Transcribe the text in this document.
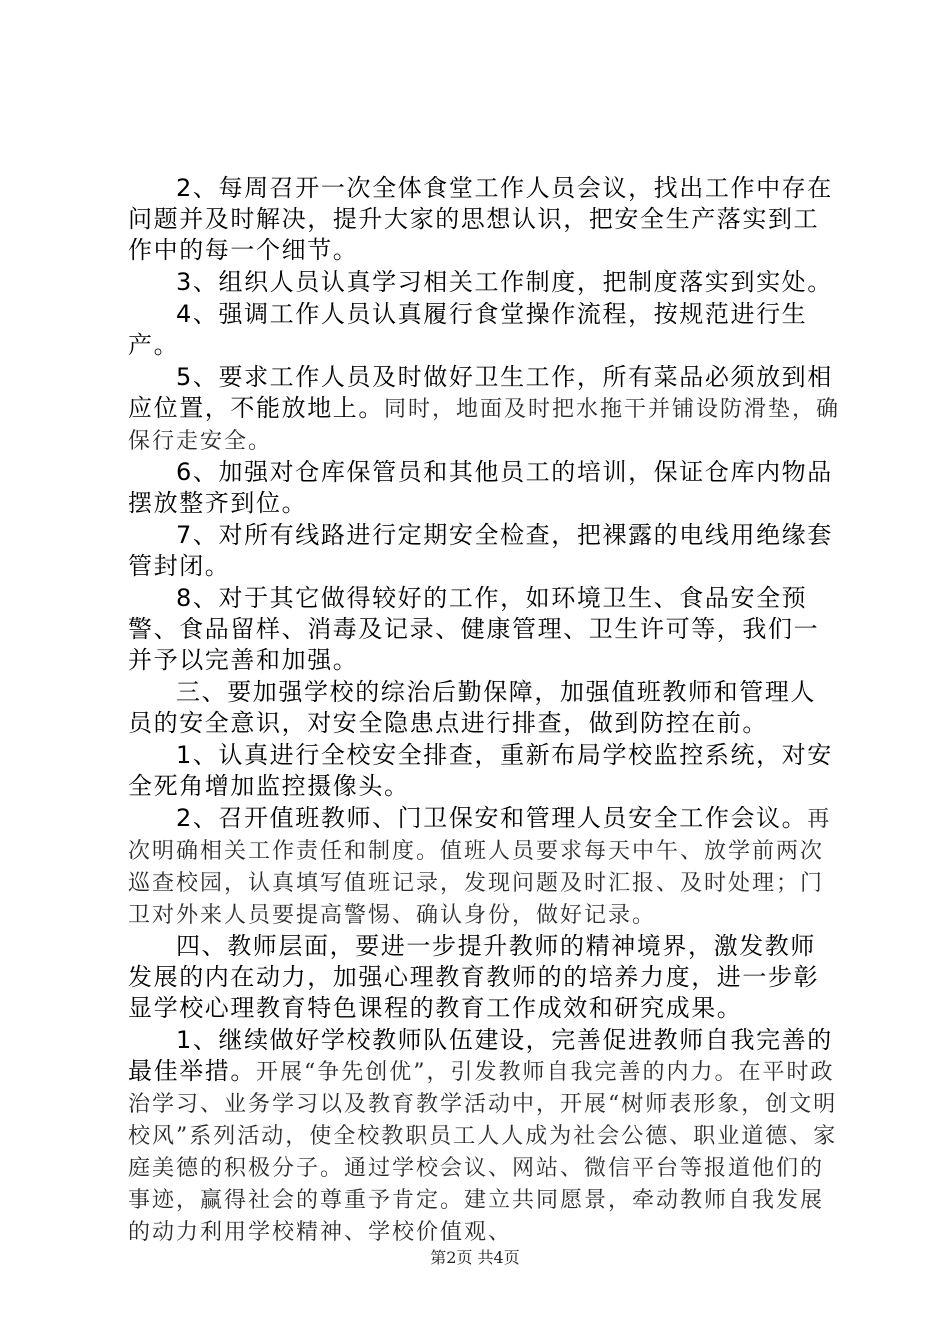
2、每周召开一次全体食堂工作人员会议，找出工作中存在问题并及时解决，提升大家的思想认识，把安全生产落实到工作中的每一个细节。

3、组织人员认真学习相关工作制度，把制度落实到实处。

4、强调工作人员认真履行食堂操作流程，按规范进行生产。

5、要求工作人员及时做好卫生工作，所有菜品必须放到相应位置，不能放地上。同时，地面及时把水拖干并铺设防滑垫，确保行走安全。

6、加强对仓库保管员和其他员工的培训，保证仓库内物品摆放整齐到位。

7、对所有线路进行定期安全检查，把裸露的电线用绝缘套管封闭。

8、对于其它做得较好的工作，如环境卫生、食品安全预警、食品留样、消毒及记录、健康管理、卫生许可等，我们一并予以完善和加强。

三、要加强学校的综治后勤保障，加强值班教师和管理人员的安全意识，对安全隐患点进行排查，做到防控在前。

1、认真进行全校安全排查，重新布局学校监控系统，对安全死角增加监控摄像头。

2、召开值班教师、门卫保安和管理人员安全工作会议。再次明确相关工作责任和制度。值班人员要求每天中午、放学前两次巡查校园，认真填写值班记录，发现问题及时汇报、及时处理；门卫对外来人员要提高警惕、确认身份，做好记录。

四、教师层面，要进一步提升教师的精神境界，激发教师发展的内在动力，加强心理教育教师的的培养力度，进一步彰显学校心理教育特色课程的教育工作成效和研究成果。

1、继续做好学校教师队伍建设，完善促进教师自我完善的最佳举措。开展“争先创优”，引发教师自我完善的内力。在平时政治学习、业务学习以及教育教学活动中，开展“树师表形象，创文明校风”系列活动，使全校教职员工人人成为社会公德、职业道德、家庭美德的积极分子。通过学校会议、网站、微信平台等报道他们的事迹，赢得社会的尊重予肯定。建立共同愿景，牵动教师自我发展的动力利用学校精神、学校价值观、

第2页 共4页
